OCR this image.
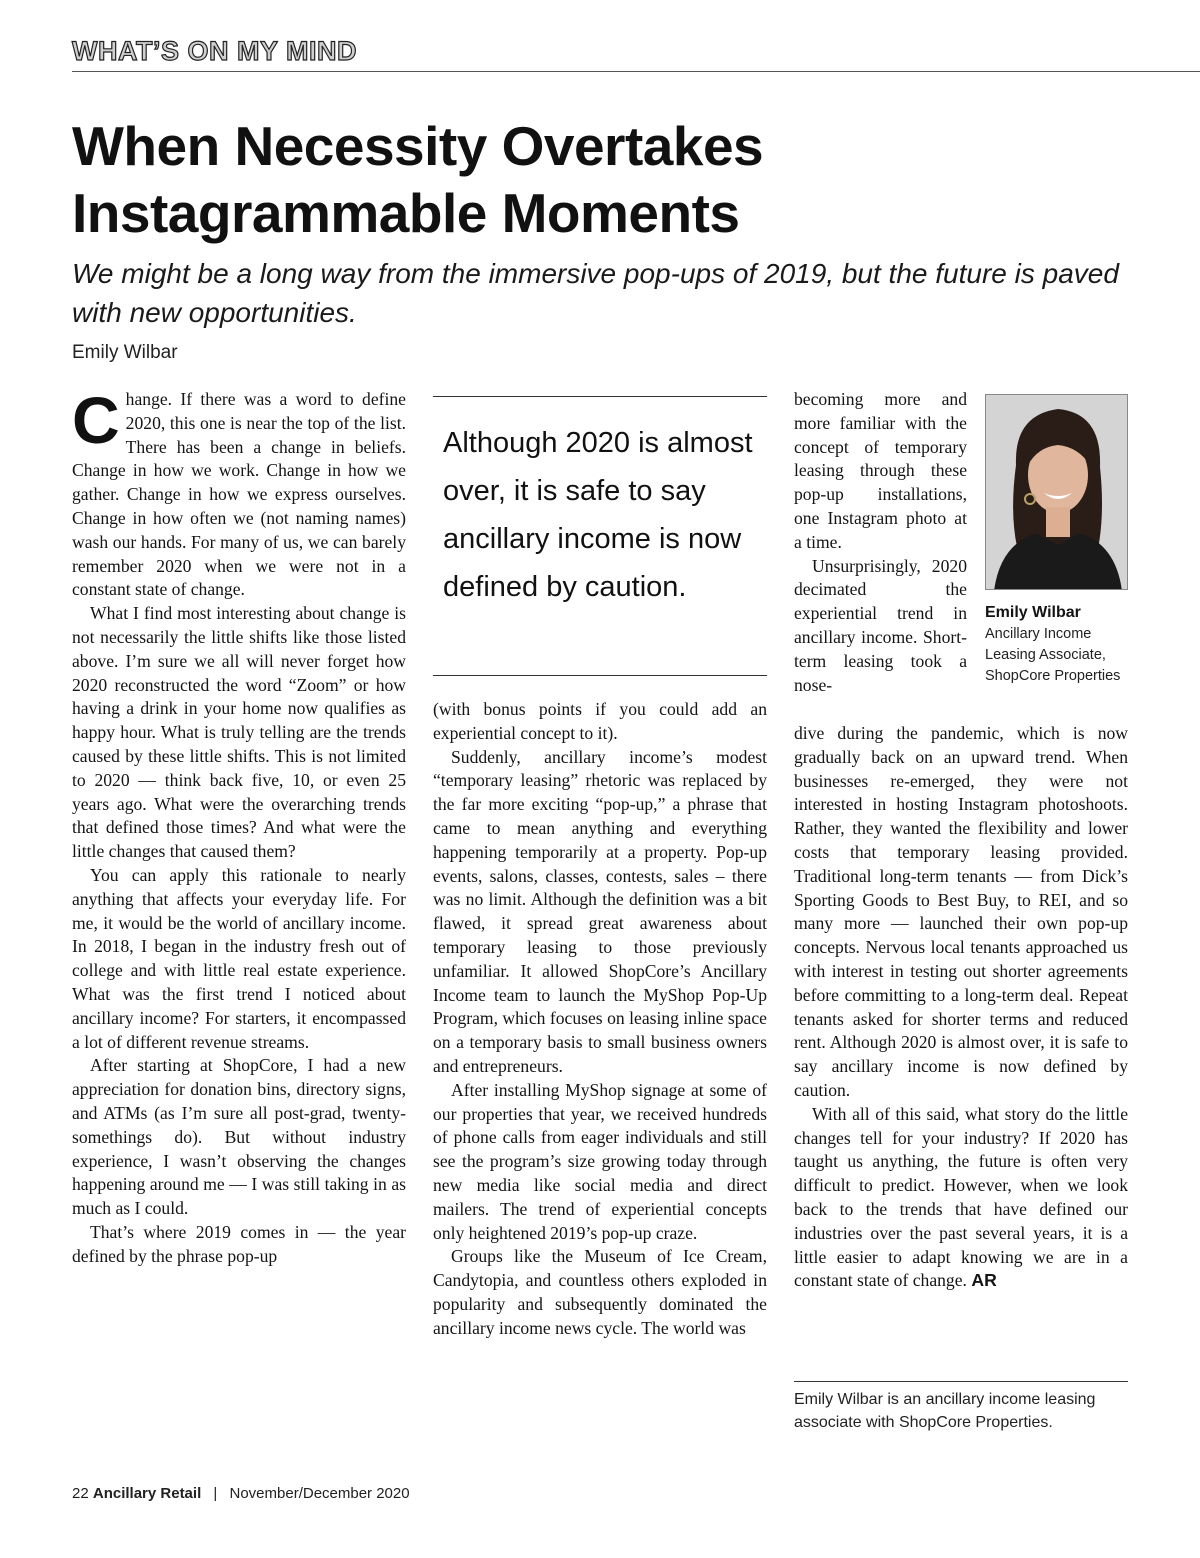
WHAT’S ON MY MIND
When Necessity Overtakes Instagrammable Moments

We might be a long way from the immersive pop-ups of 2019, but the future is paved with new opportunities.

Emily Wilbar

Change. If there was a word to define 2020, this one is near the top of the list. There has been a change in beliefs. Change in how we work. Change in how we gather. Change in how we express ourselves. Change in how often we (not naming names) wash our hands. For many of us, we can barely remember 2020 when we were not in a constant state of change.

What I find most interesting about change is not necessarily the little shifts like those listed above. I’m sure we all will never forget how 2020 reconstructed the word “Zoom” or how having a drink in your home now qualifies as happy hour. What is truly telling are the trends caused by these little shifts. This is not limited to 2020 — think back five, 10, or even 25 years ago. What were the overarching trends that defined those times? And what were the little changes that caused them?

You can apply this rationale to nearly anything that affects your everyday life. For me, it would be the world of ancillary income. In 2018, I began in the industry fresh out of college and with little real estate experience. What was the first trend I noticed about ancillary income? For starters, it encompassed a lot of different revenue streams.

After starting at ShopCore, I had a new appreciation for donation bins, directory signs, and ATMs (as I’m sure all post-grad, twenty-somethings do). But without industry experience, I wasn’t observing the changes happening around me — I was still taking in as much as I could.

That’s where 2019 comes in — the year defined by the phrase pop-up

Although 2020 is almost over, it is safe to say ancillary income is now defined by caution.

(with bonus points if you could add an experiential concept to it).

Suddenly, ancillary income’s modest “temporary leasing” rhetoric was replaced by the far more exciting “pop-up,” a phrase that came to mean anything and everything happening temporarily at a property. Pop-up events, salons, classes, contests, sales – there was no limit. Although the definition was a bit flawed, it spread great awareness about temporary leasing to those previously unfamiliar. It allowed ShopCore’s Ancillary Income team to launch the MyShop Pop-Up Program, which focuses on leasing inline space on a temporary basis to small business owners and entrepreneurs.

After installing MyShop signage at some of our properties that year, we received hundreds of phone calls from eager individuals and still see the program’s size growing today through new media like social media and direct mailers. The trend of experiential concepts only heightened 2019’s pop-up craze.

Groups like the Museum of Ice Cream, Candytopia, and countless others exploded in popularity and subsequently dominated the ancillary income news cycle. The world was

becoming more and more familiar with the concept of temporary leasing through these pop-up installations, one Instagram photo at a time.

Unsurprisingly, 2020 decimated the experiential trend in ancillary income. Short-term leasing took a nose-

Emily Wilbar

Ancillary Income

Leasing Associate,

ShopCore Properties

dive during the pandemic, which is now gradually back on an upward trend. When businesses re-emerged, they were not interested in hosting Instagram photoshoots. Rather, they wanted the flexibility and lower costs that temporary leasing provided. Traditional long-term tenants — from Dick’s Sporting Goods to Best Buy, to REI, and so many more — launched their own pop-up concepts. Nervous local tenants approached us with interest in testing out shorter agreements before committing to a long-term deal. Repeat tenants asked for shorter terms and reduced rent. Although 2020 is almost over, it is safe to say ancillary income is now defined by caution.

With all of this said, what story do the little changes tell for your industry? If 2020 has taught us anything, the future is often very difficult to predict. However, when we look back to the trends that have defined our industries over the past several years, it is a little easier to adapt knowing we are in a constant state of change. AR

Emily Wilbar is an ancillary income leasing associate with ShopCore Properties.

22 Ancillary Retail | November/December 2020
